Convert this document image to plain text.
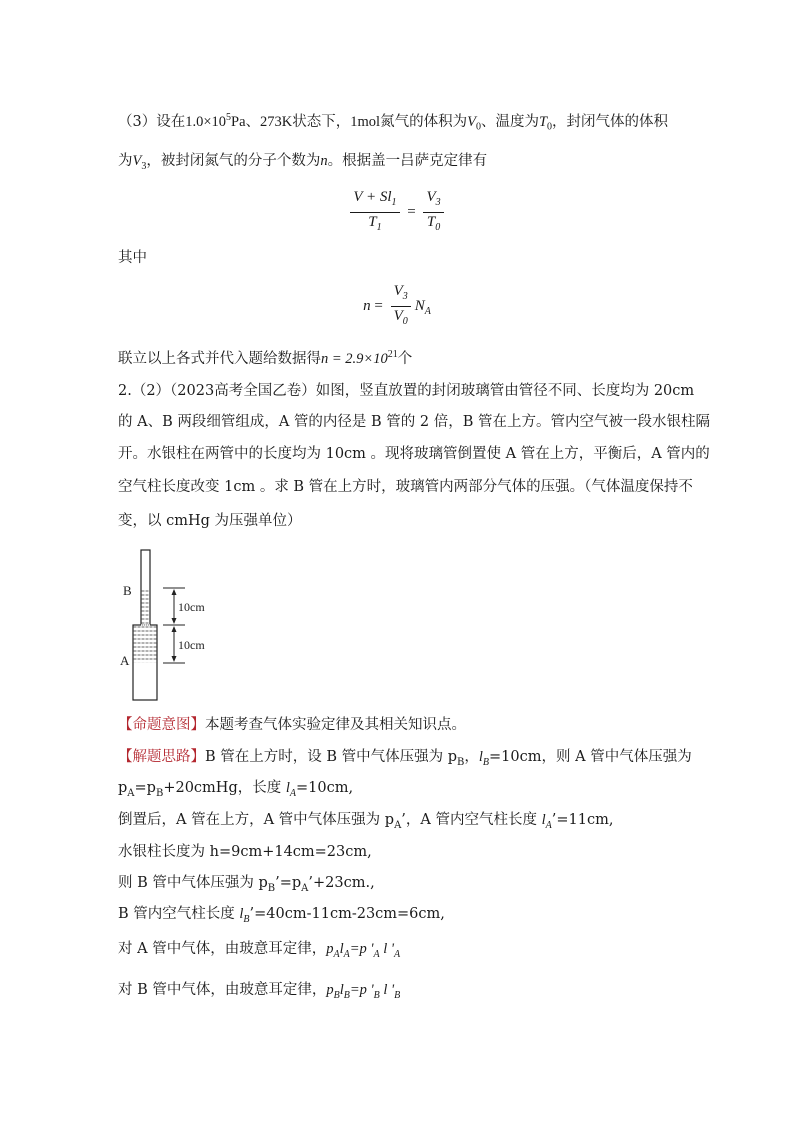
（3）设在$1.0\times 10^5Pa$、273K状态下，1mol氮气的体积为$V_0$、温度为$T_0$，封闭气体的体积
为$V_3$，被封闭氮气的分子个数为n。根据盖一吕萨克定律有
$\frac{V + Sl_1}{T_1} = \frac{V_3}{T_0}$
其中
$n = \frac{V_3}{V_0} N_A$
联立以上各式并代入题给数据得$n = 2.9\times 10^{21}$个
2.（2）（2023高考全国乙卷）如图，竖直放置的封闭玻璃管由管径不同、长度均为 20cm
的 A、B 两段细管组成，A 管的内径是 B 管的 2 倍，B 管在上方。管内空气被一段水银柱隔
开。水银柱在两管中的长度均为 10cm 。现将玻璃管倒置使 A 管在上方，平衡后，A 管内的
空气柱长度改变 1cm 。求 B 管在上方时，玻璃管内两部分气体的压强。（气体温度保持不
变，以 cmHg 为压强单位）
B
A
10cm
10cm
【命题意图】本题考查气体实验定律及其相关知识点。
【解题思路】B 管在上方时，设 B 管中气体压强为 $p_B$，$l_B=10cm$，则 A 管中气体压强为
$p_A=p_B+20cmHg$，长度 $l_A=10cm$,
倒置后，A 管在上方，A 管中气体压强为 $p_A$’，A 管内空气柱长度 $l_A’=11cm$,
水银柱长度为 h=9cm+14cm=23cm,
则 B 管中气体压强为 $p_B’=p_A’+23cm$.,
B 管内空气柱长度 $l_B’=40cm-11cm-23cm=6cm$,
对 A 管中气体，由玻意耳定律，$p_Al_A=p$ '$_A$ l '$_A$
对 B 管中气体，由玻意耳定律，$p_Bl_B=p$ '$_B$ l '$_B$
